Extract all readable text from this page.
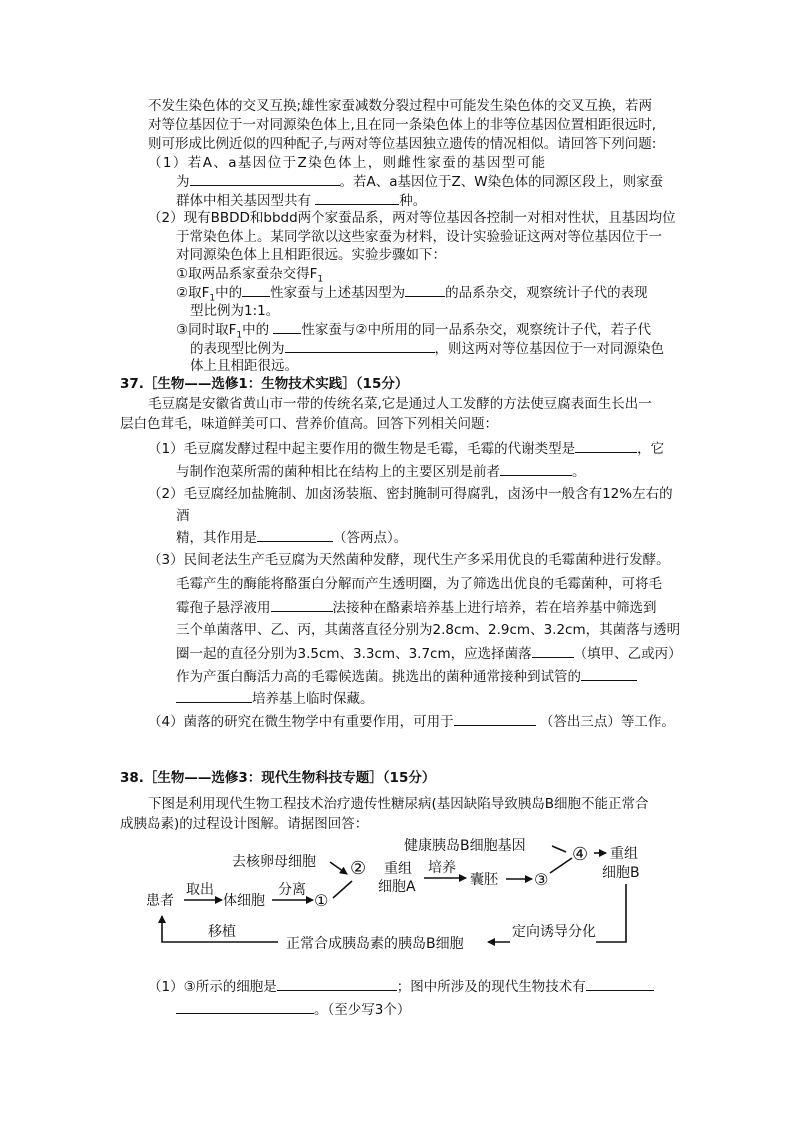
不发生染色体的交叉互换;雄性家蚕减数分裂过程中可能发生染色体的交叉互换，若两
对等位基因位于一对同源染色体上,且在同一条染色体上的非等位基因位置相距很远时,
则可形成比例近似的四种配子,与两对等位基因独立遗传的情况相似。请回答下列问题:
（1）若A、a基因位于Z染色体上，则雌性家蚕的基因型可能
为	。若A、a基因位于Z、W染色体的同源区段上，则家蚕
群体中相关基因型共有	种。
（2）现有BBDD和bbdd两个家蚕品系，两对等位基因各控制一对相对性状，且基因均位
于常染色体上。某同学欲以这些家蚕为材料，设计实验验证这两对等位基因位于一
对同源染色体上且相距很远。实验步骤如下：
①取两品系家蚕杂交得$F_1$
②取$F_1$中的 性家蚕与上述基因型为	的品系杂交，观察统计子代的表现
型比例为1:1。
③同时取$F_1$中的 性家蚕与②中所用的同一品系杂交，观察统计子代，若子代
的表现型比例为	，则这两对等位基因位于一对同源染色
体上且相距很远。
37.［生物——选修1：生物技术实践］（15分）
毛豆腐是安徽省黄山市一带的传统名菜,它是通过人工发酵的方法使豆腐表面生长出一
层白色茸毛，味道鲜美可口、营养价值高。回答下列相关问题：
（1）毛豆腐发酵过程中起主要作用的微生物是毛霉，毛霉的代谢类型是	，它
与制作泡菜所需的菌种相比在结构上的主要区别是前者	。
（2）毛豆腐经加盐腌制、加卤汤装瓶、密封腌制可得腐乳，卤汤中一般含有12%左右的
酒
精，其作用是	（答两点）。
（3）民间老法生产毛豆腐为天然菌种发酵，现代生产多采用优良的毛霉菌种进行发酵。
毛霉产生的酶能将酪蛋白分解而产生透明圈，为了筛选出优良的毛霉菌种，可将毛
霉孢子悬浮液用	法接种在酪素培养基上进行培养，若在培养基中筛选到
三个单菌落甲、乙、丙，其菌落直径分别为2.8cm、2.9cm、3.2cm，其菌落与透明
圈一起的直径分别为3.5cm、3.3cm、3.7cm，应选择菌落	（填甲、乙或丙）
作为产蛋白酶活力高的毛霉候选菌。挑选出的菌种通常接种到试管的
培养基上临时保藏。
（4）菌落的研究在微生物学中有重要作用，可用于	（答出三点）等工作。
38.［生物——选修3：现代生物科技专题］（15分）
下图是利用现代生物工程技术治疗遗传性糖尿病(基因缺陷导致胰岛B细胞不能正常合
成胰岛素)的过程设计图解。请据图回答：
患者
取出
体细胞
分离
①
去核卵母细胞 ② 重组
细胞A
培养
囊胚 ③
健康胰岛B细胞基因	④ 重组
细胞B
定向诱导分化
正常合成胰岛素的胰岛B细胞
移植
（1）③所示的细胞是	；图中所涉及的现代生物技术有
。（至少写3个）
